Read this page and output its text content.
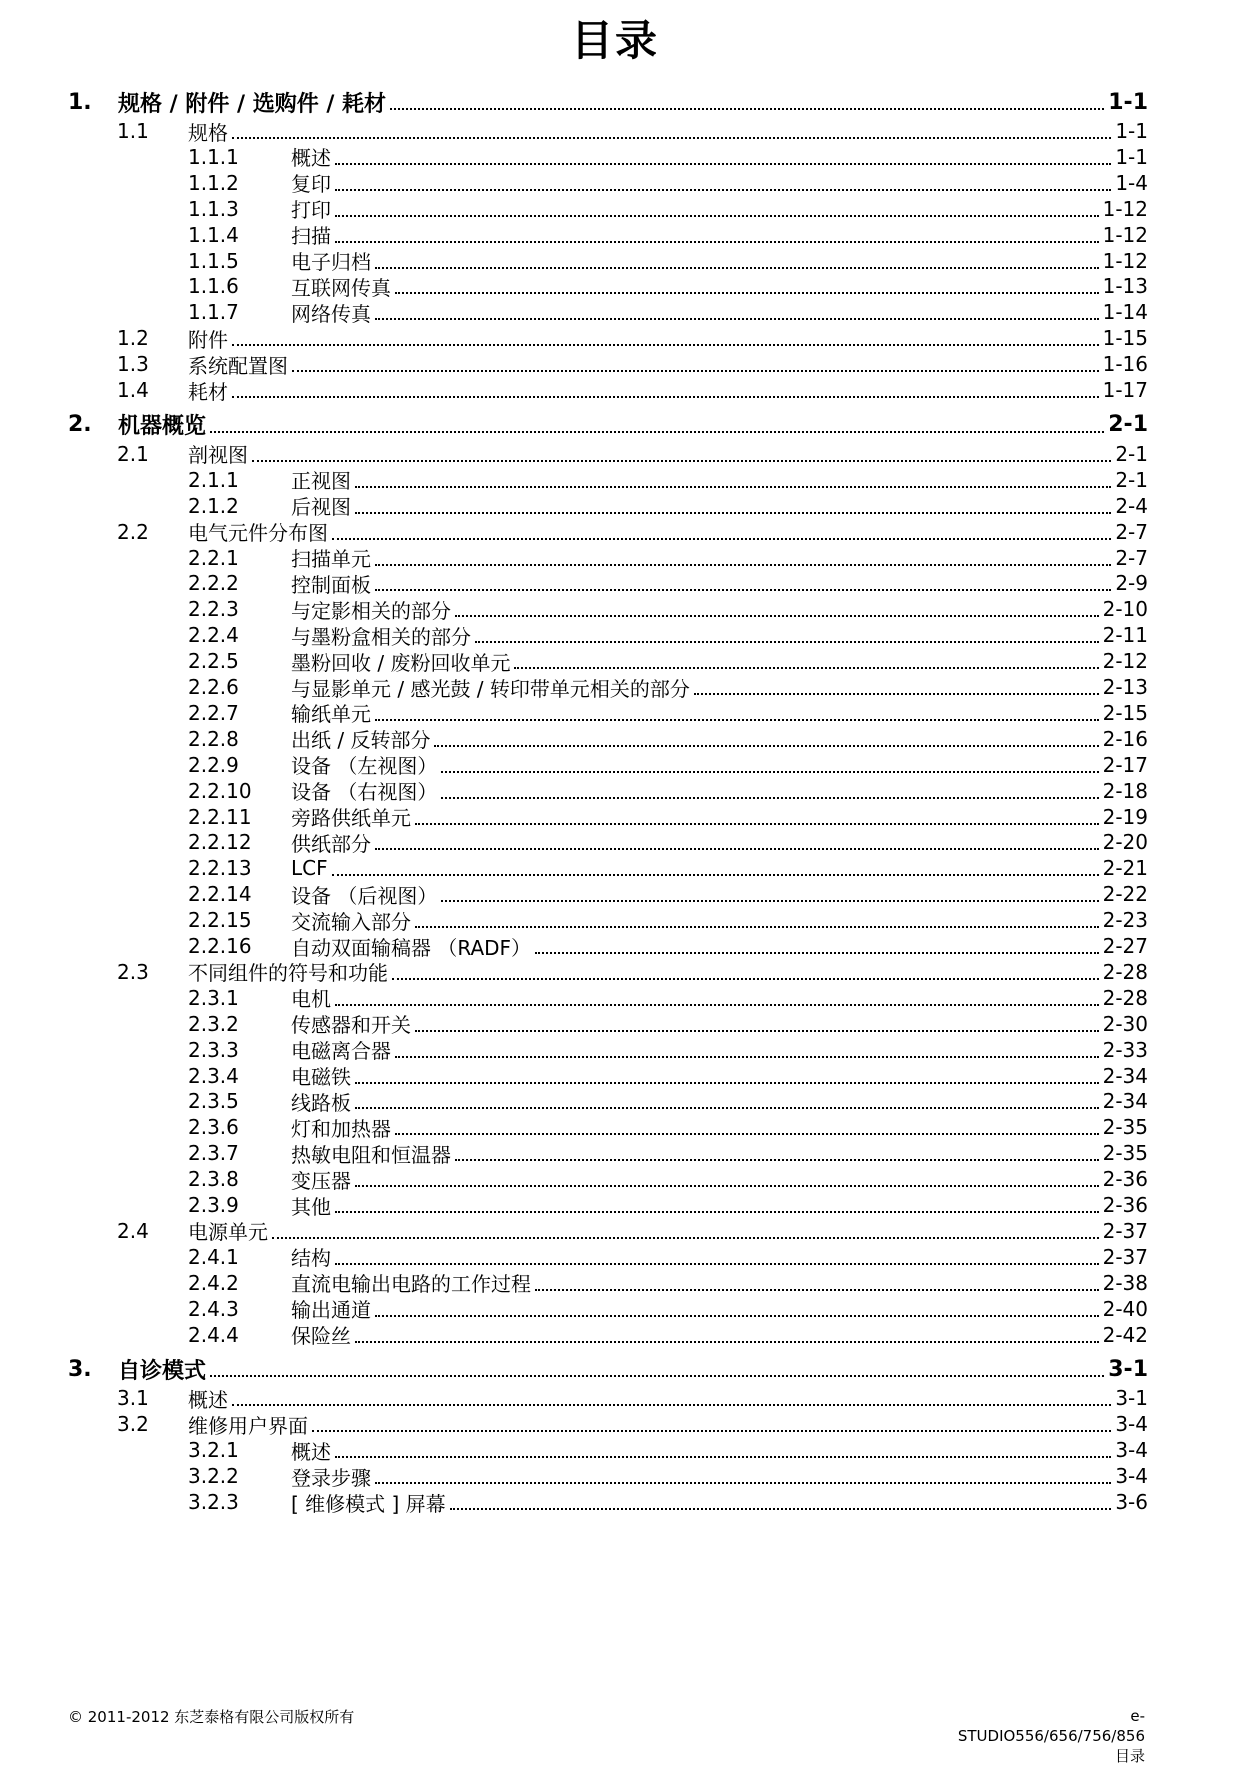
目录
1. 规格 / 附件 / 选购件 / 耗材	1-1
1.1 规格	1-1
1.1.1	概述	1-1
1.1.2	复印	1-4
1.1.3	打印	1-12
1.1.4	扫描	1-12
1.1.5	电子归档	1-12
1.1.6	互联网传真	1-13
1.1.7	网络传真	1-14
1.2 附件	1-15
1.3 系统配置图	1-16
1.4 耗材	1-17
2. 机器概览	2-1
2.1 剖视图	2-1
2.1.1	正视图	2-1
2.1.2	后视图	2-4
2.2 电气元件分布图	2-7
2.2.1	扫描单元	2-7
2.2.2	控制面板	2-9
2.2.3	与定影相关的部分	2-10
2.2.4	与墨粉盒相关的部分	2-11
2.2.5	墨粉回收 / 废粉回收单元	2-12
2.2.6	与显影单元 / 感光鼓 / 转印带单元相关的部分	2-13
2.2.7	输纸单元	2-15
2.2.8	出纸 / 反转部分	2-16
2.2.9	设备 （左视图）	2-17
2.2.10 设备 （右视图）	2-18
2.2.11 旁路供纸单元	2-19
2.2.12 供纸部分	2-20
2.2.13 LCF	2-21
2.2.14 设备 （后视图）	2-22
2.2.15 交流输入部分	2-23
2.2.16 自动双面输稿器 （RADF）	2-27
2.3 不同组件的符号和功能	2-28
2.3.1	电机	2-28
2.3.2	传感器和开关	2-30
2.3.3	电磁离合器	2-33
2.3.4	电磁铁	2-34
2.3.5	线路板	2-34
2.3.6	灯和加热器	2-35
2.3.7	热敏电阻和恒温器	2-35
2.3.8	变压器	2-36
2.3.9	其他	2-36
2.4 电源单元	2-37
2.4.1	结构	2-37
2.4.2	直流电输出电路的工作过程	2-38
2.4.3	输出通道	2-40
2.4.4	保险丝	2-42
3. 自诊模式	3-1
3.1 概述	3-1
3.2 维修用户界面	3-4
3.2.1	概述	3-4
3.2.2	登录步骤	3-4
3.2.3	[ 维修模式 ] 屏幕	3-6
© 2011-2012 东芝泰格有限公司版权所有	e-STUDIO556/656/756/856
目录
